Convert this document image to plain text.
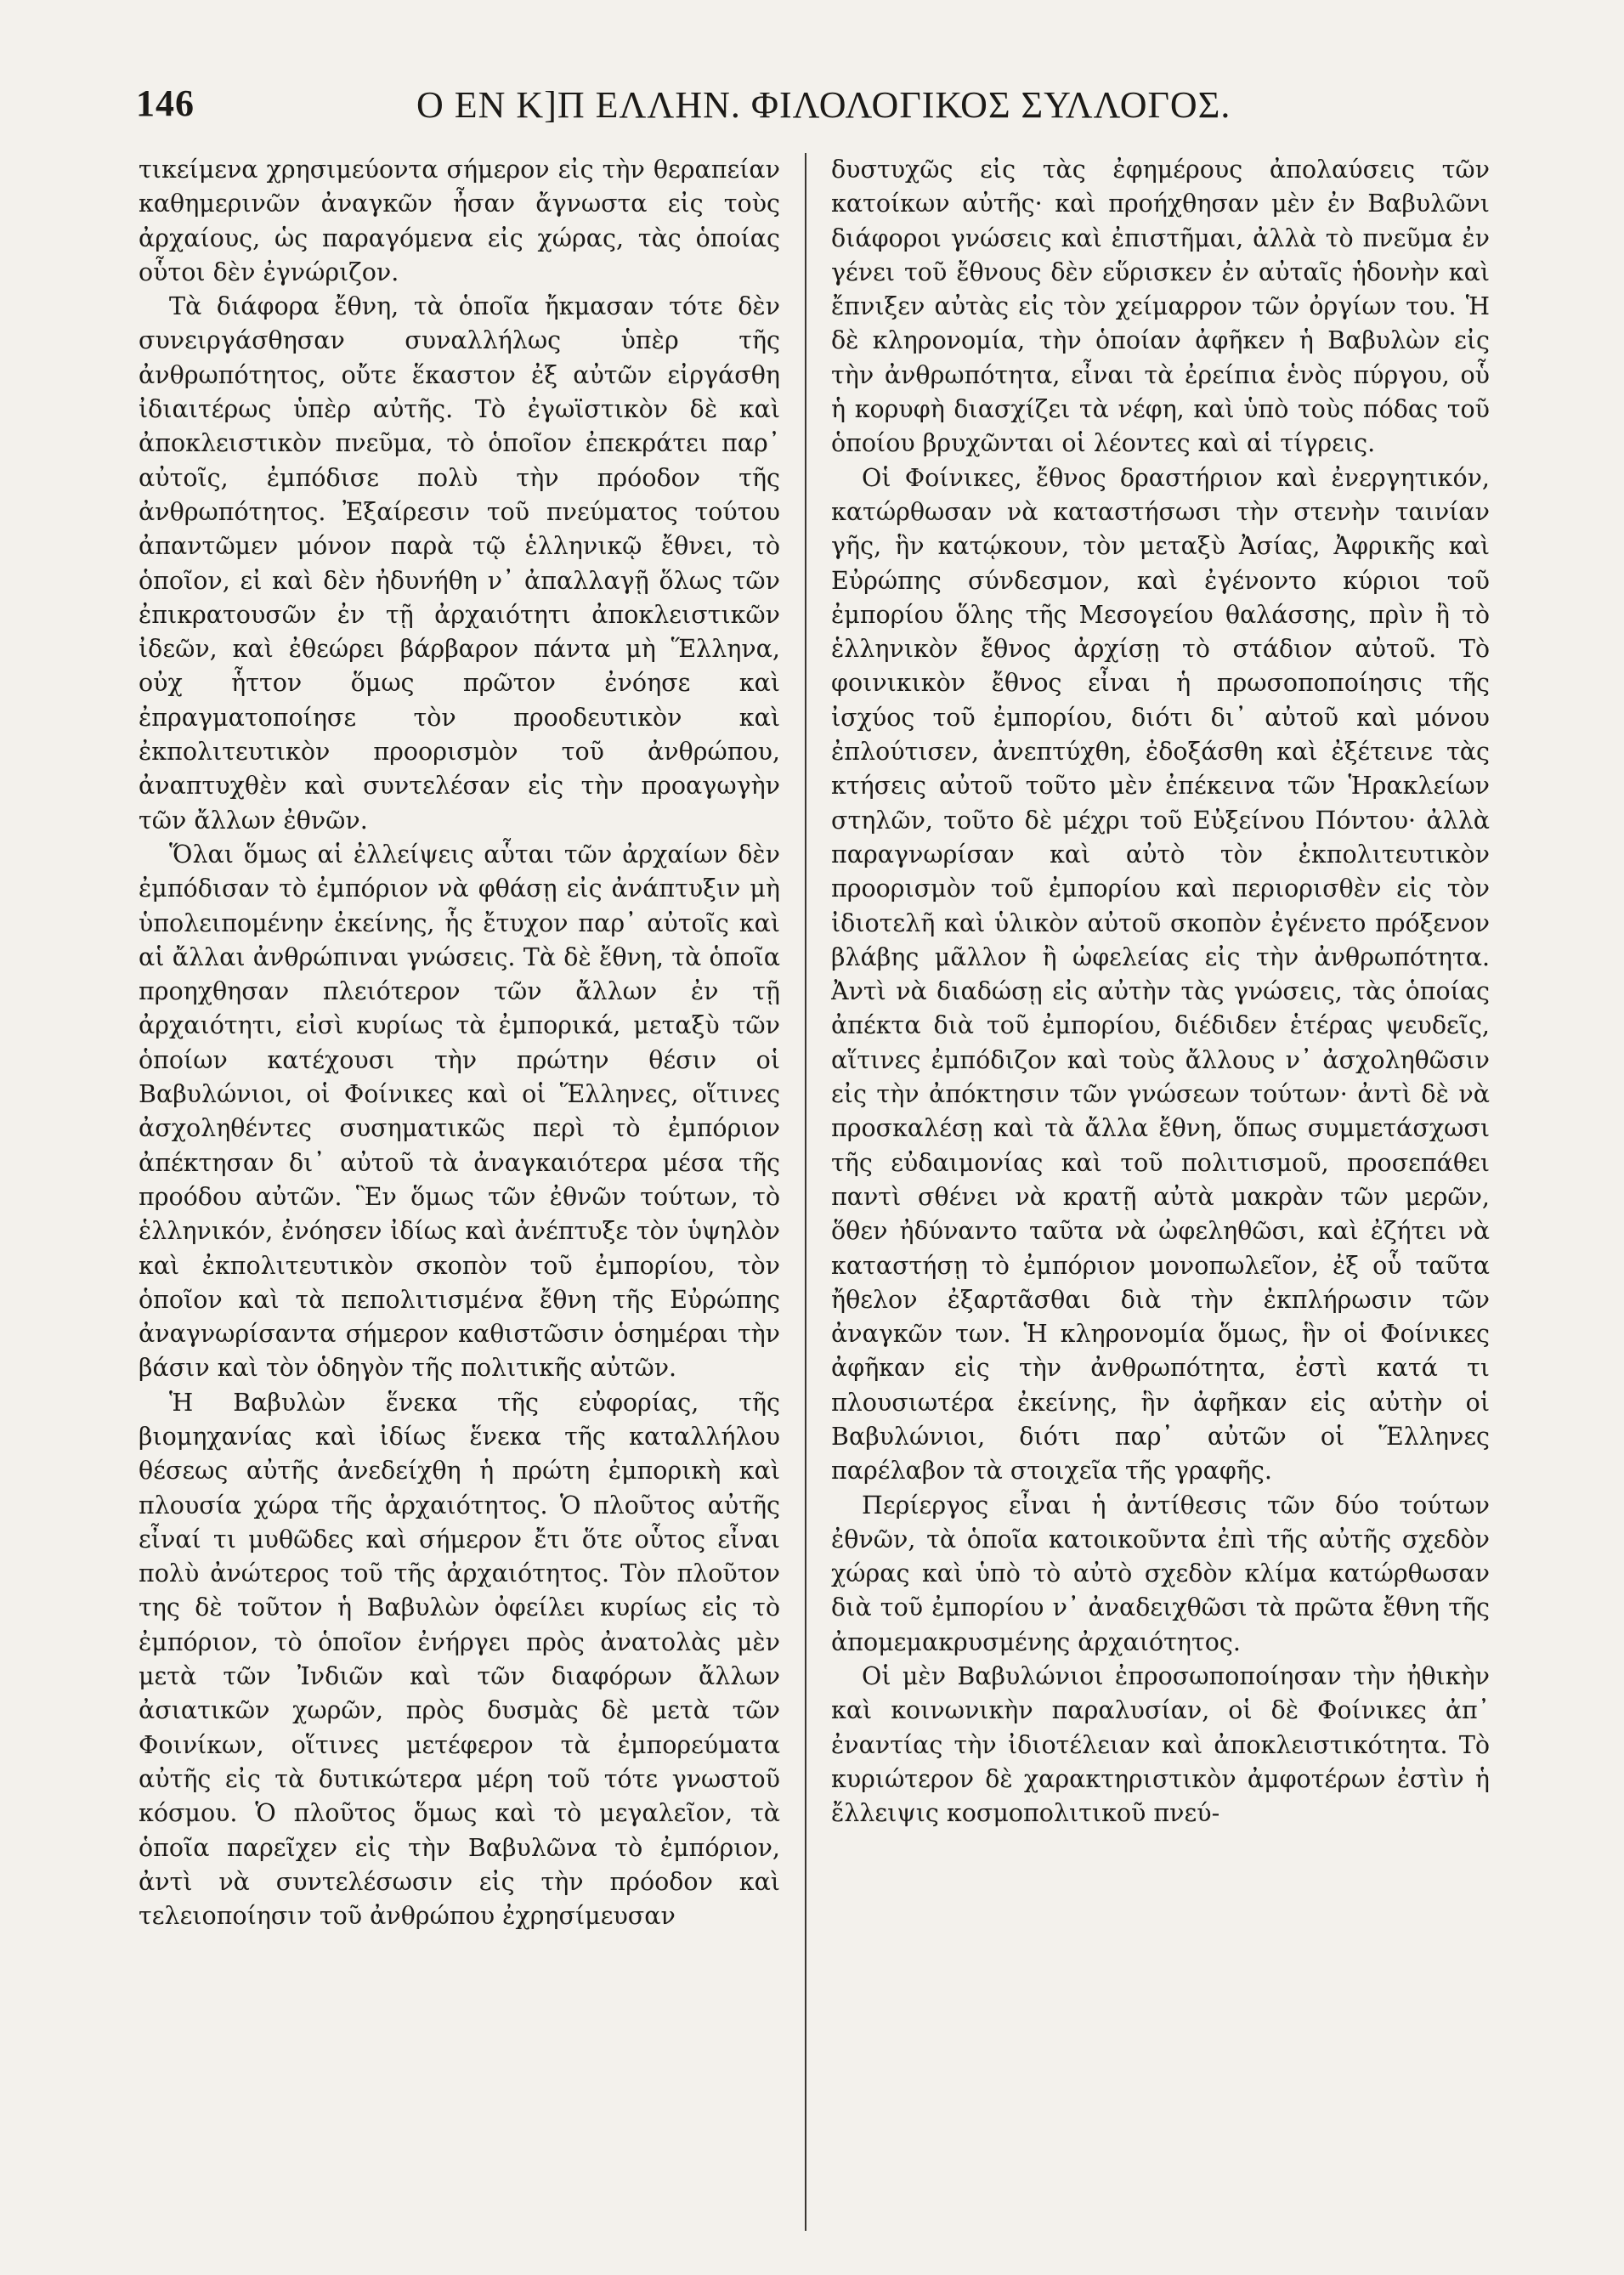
146	Ο ΕΝ Κ]Π ΕΛΛΗΝ. ΦΙΛΟΛΟΓΙΚΟΣ ΣΥΛΛΟΓΟΣ.

τικείμενα χρησιμεύοντα σήμερον εἰς τὴν θεραπείαν καθημερινῶν ἀναγκῶν ἦσαν ἄγνωστα εἰς τοὺς ἀρχαίους, ὡς παραγόμενα εἰς χώρας, τὰς ὁποίας οὗτοι δὲν ἐγνώριζον.

Τὰ διάφορα ἔθνη, τὰ ὁποῖα ἤκμασαν τότε δὲν συνειργάσθησαν συναλλήλως ὑπὲρ τῆς ἀνθρωπότητος, οὔτε ἕκαστον ἐξ αὐτῶν εἰργάσθη ἰδιαιτέρως ὑπὲρ αὐτῆς. Τὸ ἐγωϊστικὸν δὲ καὶ ἀποκλειστικὸν πνεῦμα, τὸ ὁποῖον ἐπεκράτει παρ᾽ αὐτοῖς, ἐμπόδισε πολὺ τὴν πρόοδον τῆς ἀνθρωπότητος. Ἐξαίρεσιν τοῦ πνεύματος τούτου ἀπαντῶμεν μόνον παρὰ τῷ ἑλληνικῷ ἔθνει, τὸ ὁποῖον, εἰ καὶ δὲν ἠδυνήθη ν᾽ ἀπαλλαγῇ ὅλως τῶν ἐπικρατουσῶν ἐν τῇ ἀρχαιότητι ἀποκλειστικῶν ἰδεῶν, καὶ ἐθεώρει βάρβαρον πάντα μὴ Ἕλληνα, οὐχ ἧττον ὅμως πρῶτον ἐνόησε καὶ ἐπραγματοποίησε τὸν προοδευτικὸν καὶ ἐκπολιτευτικὸν προορισμὸν τοῦ ἀνθρώπου, ἀναπτυχθὲν καὶ συντελέσαν εἰς τὴν προαγωγὴν τῶν ἄλλων ἐθνῶν.

Ὅλαι ὅμως αἱ ἐλλείψεις αὗται τῶν ἀρχαίων δὲν ἐμπόδισαν τὸ ἐμπόριον νὰ φθάσῃ εἰς ἀνάπτυξιν μὴ ὑπολειπομένην ἐκείνης, ἧς ἔτυχον παρ᾽ αὐτοῖς καὶ αἱ ἄλλαι ἀνθρώπιναι γνώσεις. Τὰ δὲ ἔθνη, τὰ ὁποῖα προηχθησαν πλειότερον τῶν ἄλλων ἐν τῇ ἀρχαιότητι, εἰσὶ κυρίως τὰ ἐμπορικά, μεταξὺ τῶν ὁποίων κατέχουσι τὴν πρώτην θέσιν οἱ Βαβυλώνιοι, οἱ Φοίνικες καὶ οἱ Ἕλληνες, οἵτινες ἀσχοληθέντες συσηματικῶς περὶ τὸ ἐμπόριον ἀπέκτησαν δι᾽ αὐτοῦ τὰ ἀναγκαιότερα μέσα τῆς προόδου αὐτῶν. Ἓν ὅμως τῶν ἐθνῶν τούτων, τὸ ἑλληνικόν, ἐνόησεν ἰδίως καὶ ἀνέπτυξε τὸν ὑψηλὸν καὶ ἐκπολιτευτικὸν σκοπὸν τοῦ ἐμπορίου, τὸν ὁποῖον καὶ τὰ πεπολιτισμένα ἔθνη τῆς Εὐρώπης ἀναγνωρίσαντα σήμερον καθιστῶσιν ὁσημέραι τὴν βάσιν καὶ τὸν ὁδηγὸν τῆς πολιτικῆς αὐτῶν.

Ἡ Βαβυλὼν ἕνεκα τῆς εὐφορίας, τῆς βιομηχανίας καὶ ἰδίως ἕνεκα τῆς καταλλήλου θέσεως αὐτῆς ἀνεδείχθη ἡ πρώτη ἐμπορικὴ καὶ πλουσία χώρα τῆς ἀρχαιότητος. Ὁ πλοῦτος αὐτῆς εἶναί τι μυθῶδες καὶ σήμερον ἔτι ὅτε οὗτος εἶναι πολὺ ἀνώτερος τοῦ τῆς ἀρχαιότητος. Τὸν πλοῦτον της δὲ τοῦτον ἡ Βαβυλὼν ὀφείλει κυρίως εἰς τὸ ἐμπόριον, τὸ ὁποῖον ἐνήργει πρὸς ἀνατολὰς μὲν μετὰ τῶν Ἰνδιῶν καὶ τῶν διαφόρων ἄλλων ἀσιατικῶν χωρῶν, πρὸς δυσμὰς δὲ μετὰ τῶν Φοινίκων, οἵτινες μετέφερον τὰ ἐμπορεύματα αὐτῆς εἰς τὰ δυτικώτερα μέρη τοῦ τότε γνωστοῦ κόσμου. Ὁ πλοῦτος ὅμως καὶ τὸ μεγαλεῖον, τὰ ὁποῖα παρεῖχεν εἰς τὴν Βαβυλῶνα τὸ ἐμπόριον, ἀντὶ νὰ συντελέσωσιν εἰς τὴν πρόοδον καὶ τελειοποίησιν τοῦ ἀνθρώπου ἐχρησίμευσαν

δυστυχῶς εἰς τὰς ἐφημέρους ἀπολαύσεις τῶν κατοίκων αὐτῆς· καὶ προήχθησαν μὲν ἐν Βαβυλῶνι διάφοροι γνώσεις καὶ ἐπιστῆμαι, ἀλλὰ τὸ πνεῦμα ἐν γένει τοῦ ἔθνους δὲν εὕρισκεν ἐν αὐταῖς ἡδονὴν καὶ ἔπνιξεν αὐτὰς εἰς τὸν χείμαρρον τῶν ὀργίων του. Ἡ δὲ κληρονομία, τὴν ὁποίαν ἀφῆκεν ἡ Βαβυλὼν εἰς τὴν ἀνθρωπότητα, εἶναι τὰ ἐρείπια ἑνὸς πύργου, οὗ ἡ κορυφὴ διασχίζει τὰ νέφη, καὶ ὑπὸ τοὺς πόδας τοῦ ὁποίου βρυχῶνται οἱ λέοντες καὶ αἱ τίγρεις.

Οἱ Φοίνικες, ἔθνος δραστήριον καὶ ἐνεργητικόν, κατώρθωσαν νὰ καταστήσωσι τὴν στενὴν ταινίαν γῆς, ἣν κατῴκουν, τὸν μεταξὺ Ἀσίας, Ἀφρικῆς καὶ Εὐρώπης σύνδεσμον, καὶ ἐγένοντο κύριοι τοῦ ἐμπορίου ὅλης τῆς Μεσογείου θαλάσσης, πρὶν ἢ τὸ ἑλληνικὸν ἔθνος ἀρχίσῃ τὸ στάδιον αὐτοῦ. Τὸ φοινικικὸν ἔθνος εἶναι ἡ πρωσοποποίησις τῆς ἰσχύος τοῦ ἐμπορίου, διότι δι᾽ αὐτοῦ καὶ μόνου ἐπλούτισεν, ἀνεπτύχθη, ἐδοξάσθη καὶ ἐξέτεινε τὰς κτήσεις αὐτοῦ τοῦτο μὲν ἐπέκεινα τῶν Ἡρακλείων στηλῶν, τοῦτο δὲ μέχρι τοῦ Εὐξείνου Πόντου· ἀλλὰ παραγνωρίσαν καὶ αὐτὸ τὸν ἐκπολιτευτικὸν προορισμὸν τοῦ ἐμπορίου καὶ περιορισθὲν εἰς τὸν ἰδιοτελῆ καὶ ὑλικὸν αὐτοῦ σκοπὸν ἐγένετο πρόξενον βλάβης μᾶλλον ἢ ὠφελείας εἰς τὴν ἀνθρωπότητα. Ἀντὶ νὰ διαδώσῃ εἰς αὐτὴν τὰς γνώσεις, τὰς ὁποίας ἀπέκτα διὰ τοῦ ἐμπορίου, διέδιδεν ἑτέρας ψευδεῖς, αἵτινες ἐμπόδιζον καὶ τοὺς ἄλλους ν᾽ ἀσχοληθῶσιν εἰς τὴν ἀπόκτησιν τῶν γνώσεων τούτων· ἀντὶ δὲ νὰ προσκαλέσῃ καὶ τὰ ἄλλα ἔθνη, ὅπως συμμετάσχωσι τῆς εὐδαιμονίας καὶ τοῦ πολιτισμοῦ, προσεπάθει παντὶ σθένει νὰ κρατῇ αὐτὰ μακρὰν τῶν μερῶν, ὅθεν ἠδύναντο ταῦτα νὰ ὠφεληθῶσι, καὶ ἐζήτει νὰ καταστήσῃ τὸ ἐμπόριον μονοπωλεῖον, ἐξ οὗ ταῦτα ἤθελον ἐξαρτᾶσθαι διὰ τὴν ἐκπλήρωσιν τῶν ἀναγκῶν των. Ἡ κληρονομία ὅμως, ἣν οἱ Φοίνικες ἀφῆκαν εἰς τὴν ἀνθρωπότητα, ἐστὶ κατά τι πλουσιωτέρα ἐκείνης, ἣν ἀφῆκαν εἰς αὐτὴν οἱ Βαβυλώνιοι, διότι παρ᾽ αὐτῶν οἱ Ἕλληνες παρέλαβον τὰ στοιχεῖα τῆς γραφῆς.

Περίεργος εἶναι ἡ ἀντίθεσις τῶν δύο τούτων ἐθνῶν, τὰ ὁποῖα κατοικοῦντα ἐπὶ τῆς αὐτῆς σχεδὸν χώρας καὶ ὑπὸ τὸ αὐτὸ σχεδὸν κλίμα κατώρθωσαν διὰ τοῦ ἐμπορίου ν᾽ ἀναδειχθῶσι τὰ πρῶτα ἔθνη τῆς ἀπομεμακρυσμένης ἀρχαιότητος.

Οἱ μὲν Βαβυλώνιοι ἐπροσωποποίησαν τὴν ἠθικὴν καὶ κοινωνικὴν παραλυσίαν, οἱ δὲ Φοίνικες ἀπ᾽ ἐναντίας τὴν ἰδιοτέλειαν καὶ ἀποκλειστικότητα. Τὸ κυριώτερον δὲ χαρακτηριστικὸν ἀμφοτέρων ἐστὶν ἡ ἔλλειψις κοσμοπολιτικοῦ πνεύ-
